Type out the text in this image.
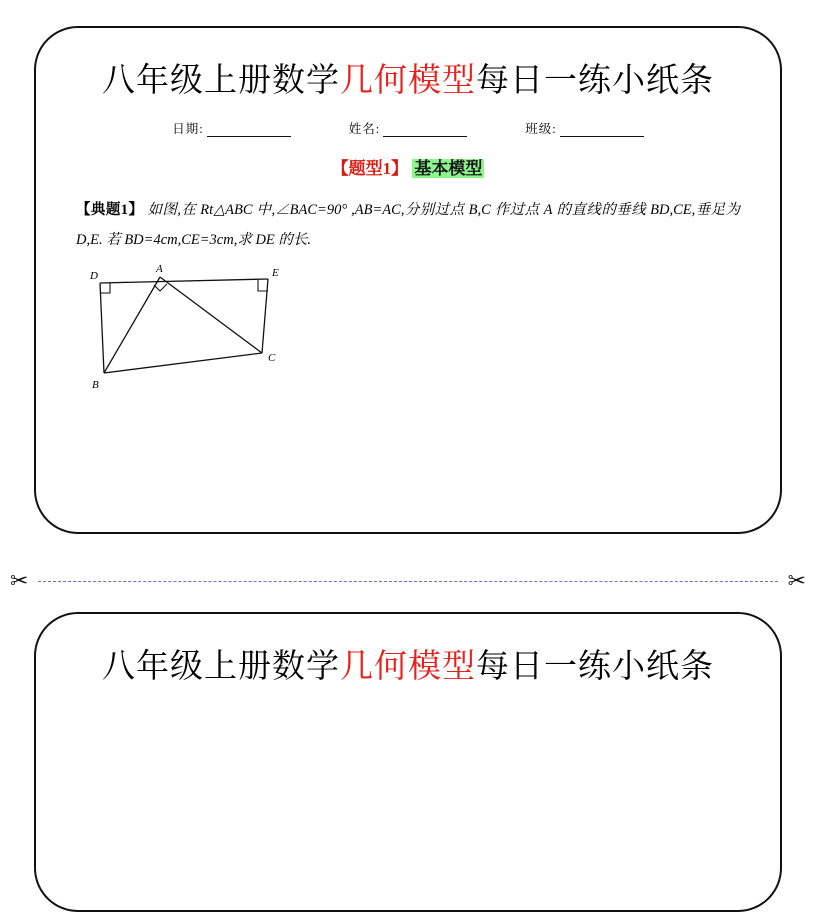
八年级上册数学几何模型每日一练小纸条
日期:	姓名:	班级:
【题型1】 基本模型
【典题1】 如图,在 Rt△ABC 中,∠BAC=90° ,AB=AC,分别过点 B,C 作过点 A 的直线的垂线 BD,CE,垂足为 D,E. 若 BD=4cm,CE=3cm,求 DE 的长.
D
A	E
B
C
✂	✂
八年级上册数学几何模型每日一练小纸条
